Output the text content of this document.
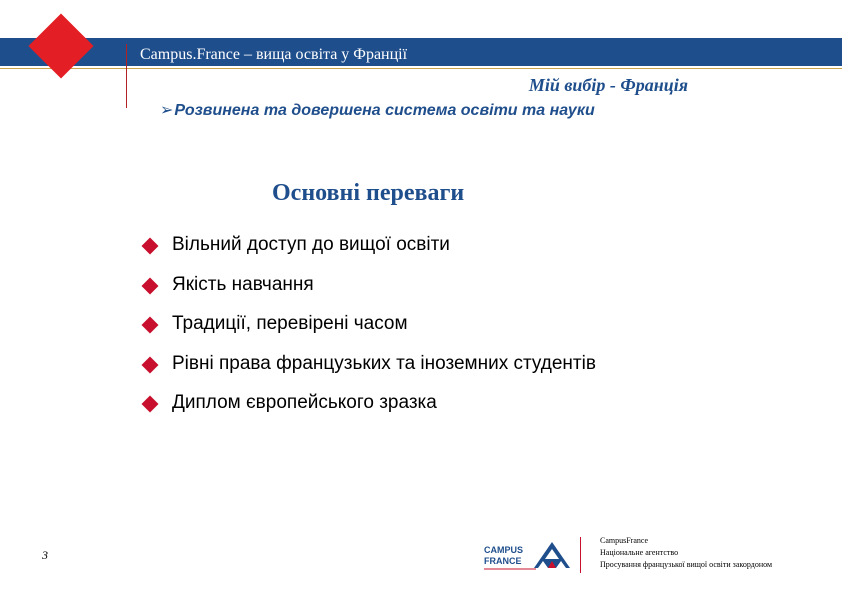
Campus.France – вища освіта у Франції
Мій вибір - Франція
➢Розвинена та довершена система освіти та науки
Основні переваги
Вільний доступ до вищої освіти
Якість навчання
Традиції, перевірені часом
Рівні права французьких та іноземних студентів
Диплом європейського зразка
3	CAMPUS
FRANCE
CampusFrance
Національне агентство
Просування французької вищої освіти закордоном
